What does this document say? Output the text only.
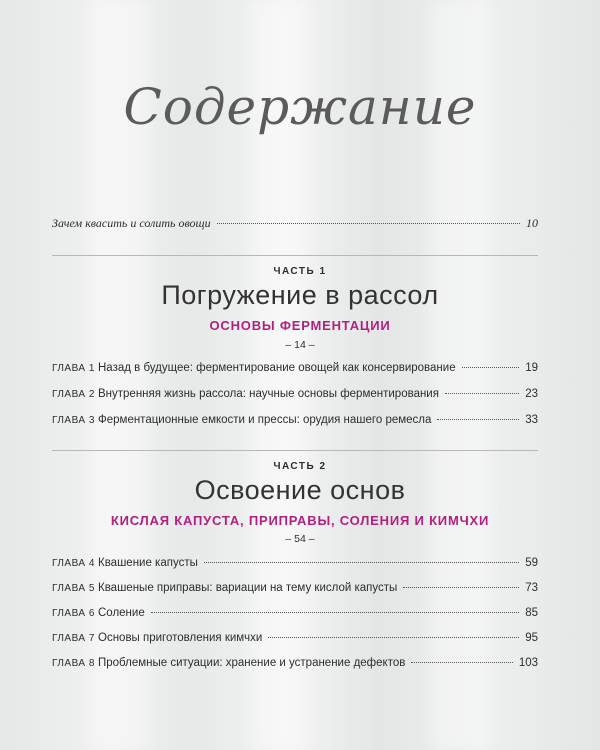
Содержание
Зачем квасить и солить овощи	10
ЧАСТЬ 1
Погружение в рассол
ОСНОВЫ ФЕРМЕНТАЦИИ
– 14 –
ГЛАВА 1 Назад в будущее: ферментирование овощей как консервирование	19
ГЛАВА 2 Внутренняя жизнь рассола: научные основы ферментирования	23
ГЛАВА 3 Ферментационные емкости и прессы: орудия нашего ремесла	33
ЧАСТЬ 2
Освоение основ
КИСЛАЯ КАПУСТА, ПРИПРАВЫ, СОЛЕНИЯ И КИМЧХИ
– 54 –
ГЛАВА 4 Квашение капусты	59
ГЛАВА 5 Квашеные приправы: вариации на тему кислой капусты	73
ГЛАВА 6 Соление	85
ГЛАВА 7 Основы приготовления кимчхи	95
ГЛАВА 8 Проблемные ситуации: хранение и устранение дефектов	103
